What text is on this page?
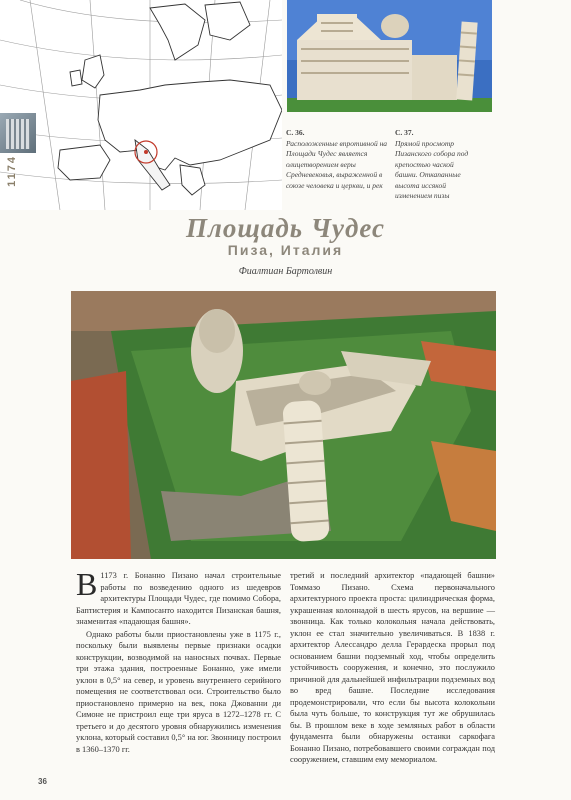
1174
С. 36.
Расположенные впротивной на Площади Чудес является олицетворением веры Средневековья, выраженной в союзе человека и церкви, и рек
С. 37.
Прямой просмотр Пизанского собора под крепостью чаской башни. Откапанные высота иссякой изменением пизы
Площадь Чудес
Пиза, Италия
Фиалтиан Бартолвин

В 1173 г. Бонанно Пизано начал строительные работы по возведению одного из шедевров архитектуры Площади Чудес, где помимо Собора, Баптистерия и Кампосанто находится Пизанская башня, знаменитая «падающая башня».

Однако работы были приостановлены уже в 1175 г., поскольку были выявлены первые признаки осадки конструкции, возводимой на наносных почвах. Первые три этажа здания, построенные Бонанно, уже имели уклон в 0,5° на север, и уровень внутреннего серийного помещения не соответствовал оси. Строительство было приостановлено примерно на век, пока Джованни ди Симоне не пристроил еще три яруса в 1272–1278 гг. С третьего и до десятого уровня обнаружились изменения уклона, который составил 0,5° на юг. Звонницу построил в 1360–1370 гг.

третий и последний архитектор «падающей башни» Томмазо Пизано. Схема первоначального архитектурного проекта проста: цилиндрическая форма, украшенная колоннадой в шесть ярусов, на вершине — звонница. Как только колокольня начала действовать, уклон ее стал значительно увеличиваться. В 1838 г. архитектор Алессандро делла Герардеска прорыл под основанием башни подземный ход, чтобы определить устойчивость сооружения, и конечно, это послужило причиной для дальнейшей инфильтрации подземных вод во вред башне. Последние исследования продемонстрировали, что если бы высота колокольни была чуть больше, то конструкция тут же обрушилась бы. В прошлом веке в ходе земляных работ в области фундамента были обнаружены останки саркофага Бонанно Пизано, потребовавшего своими сограждан под сооружением, ставшим ему мемориалом.

36
